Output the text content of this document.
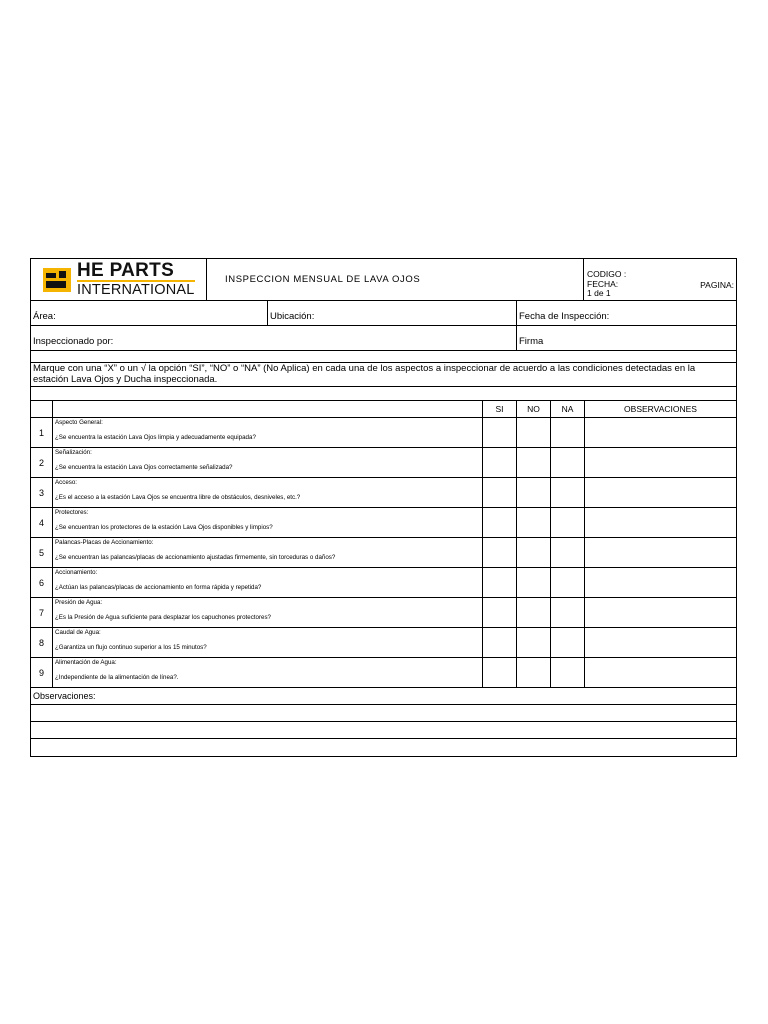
HE PARTS
INTERNATIONAL
INSPECCION MENSUAL DE LAVA OJOS	CODIGO :
FECHA:
1 de 1
PAGINA:
Área:	Ubicación:	Fecha de Inspección:
Inspeccionado por:	Firma
Marque con una “X” o un √ la opción “SI”, “NO” o “NA” (No Aplica) en cada una de los aspectos a inspeccionar de acuerdo a las condiciones detectadas en la estación Lava Ojos y Ducha inspeccionada.
SI	NO	NA	OBSERVACIONES
1
Aspecto General:
¿Se encuentra la estación Lava Ojos limpia y adecuadamente equipada?
2
Señalización:
¿Se encuentra la estación Lava Ojos correctamente señalizada?
3
Acceso:
¿Es el acceso a la estación Lava Ojos se encuentra libre de obstáculos, desniveles, etc.?
4
Protectores:
¿Se encuentran los protectores de la estación Lava Ojos disponibles y limpios?
5
Palancas-Placas de Accionamiento:
¿Se encuentran las palancas/placas de accionamiento ajustadas firmemente, sin torceduras o daños?
6
Accionamiento:
¿Actúan las palancas/placas de accionamiento en forma rápida y repetida?
7
Presión de Agua:
¿Es la Presión de Agua suficiente para desplazar los capuchones protectores?
8
Caudal de Agua:
¿Garantiza un flujo continuo superior a los 15 minutos?
9
Alimentación de Agua:
¿Independiente de la alimentación de línea?.
Observaciones:
